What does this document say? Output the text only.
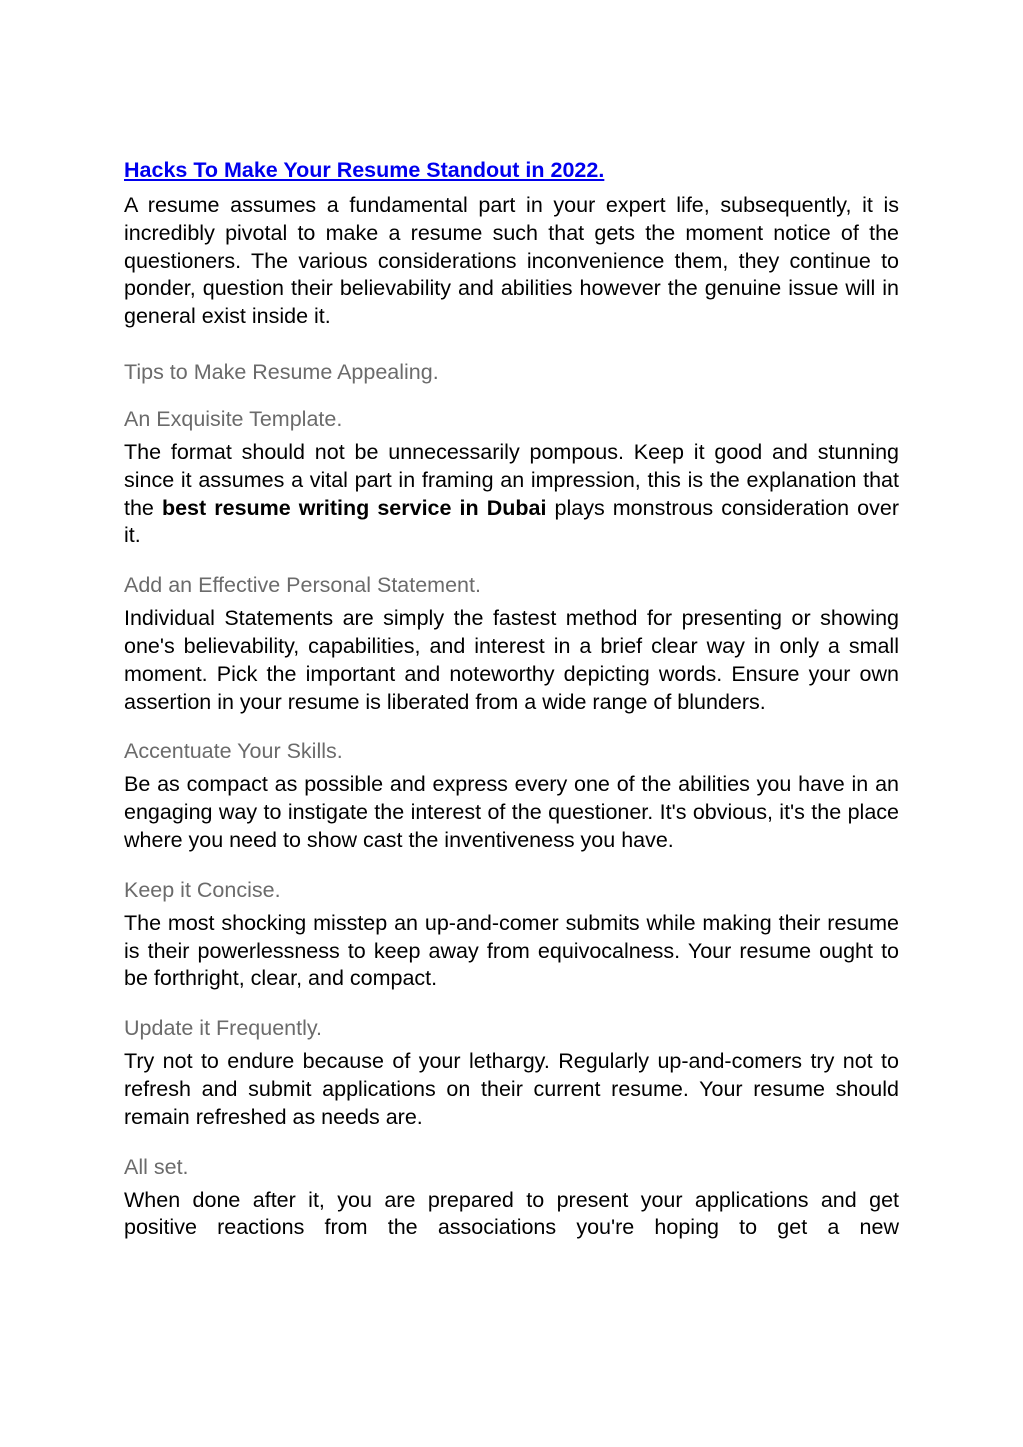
Hacks To Make Your Resume Standout in 2022.

A resume assumes a fundamental part in your expert life, subsequently, it is incredibly pivotal to make a resume such that gets the moment notice of the questioners. The various considerations inconvenience them, they continue to ponder, question their believability and abilities however the genuine issue will in general exist inside it.

Tips to Make Resume Appealing.

An Exquisite Template.

The format should not be unnecessarily pompous. Keep it good and stunning since it assumes a vital part in framing an impression, this is the explanation that the best resume writing service in Dubai plays monstrous consideration over it.

Add an Effective Personal Statement.

Individual Statements are simply the fastest method for presenting or showing one's believability, capabilities, and interest in a brief clear way in only a small moment. Pick the important and noteworthy depicting words. Ensure your own assertion in your resume is liberated from a wide range of blunders.

Accentuate Your Skills.

Be as compact as possible and express every one of the abilities you have in an engaging way to instigate the interest of the questioner. It's obvious, it's the place where you need to show cast the inventiveness you have.

Keep it Concise.

The most shocking misstep an up-and-comer submits while making their resume is their powerlessness to keep away from equivocalness. Your resume ought to be forthright, clear, and compact.

Update it Frequently.

Try not to endure because of your lethargy. Regularly up-and-comers try not to refresh and submit applications on their current resume. Your resume should remain refreshed as needs are.

All set.

When done after it, you are prepared to present your applications and get positive reactions from the associations you're hoping to get a new
